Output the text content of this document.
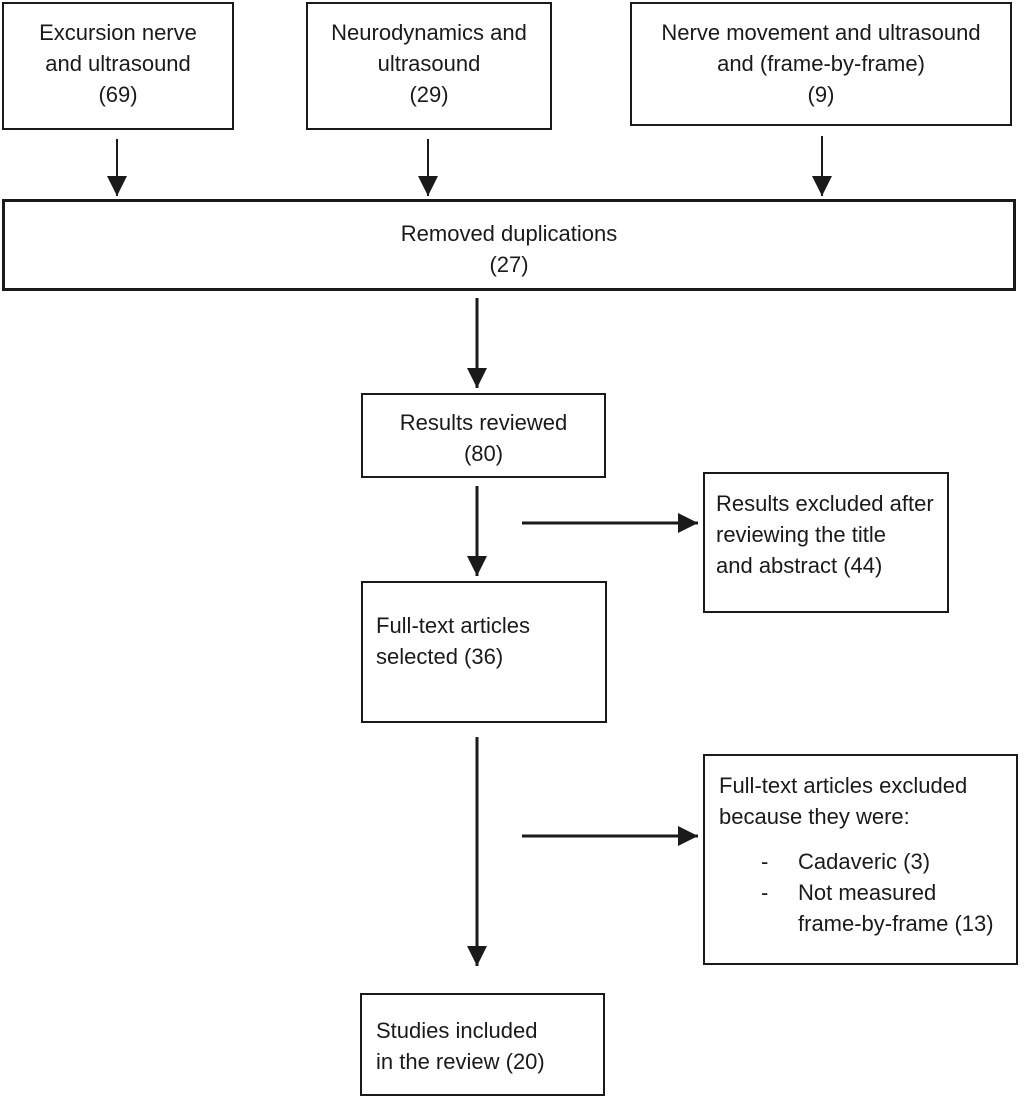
Excursion nerve
and ultrasound
(69)
Neurodynamics and
ultrasound
(29)
Nerve movement and ultrasound
and (frame-by-frame)
(9)
Removed duplications
(27)
Results reviewed
(80)
Results excluded after
reviewing the title
and abstract (44)
Full-text articles
selected (36)
Full-text articles excluded
because they were:
-	Cadaveric (3)
-	Not measured frame-by-frame (13)
Studies included
in the review (20)
